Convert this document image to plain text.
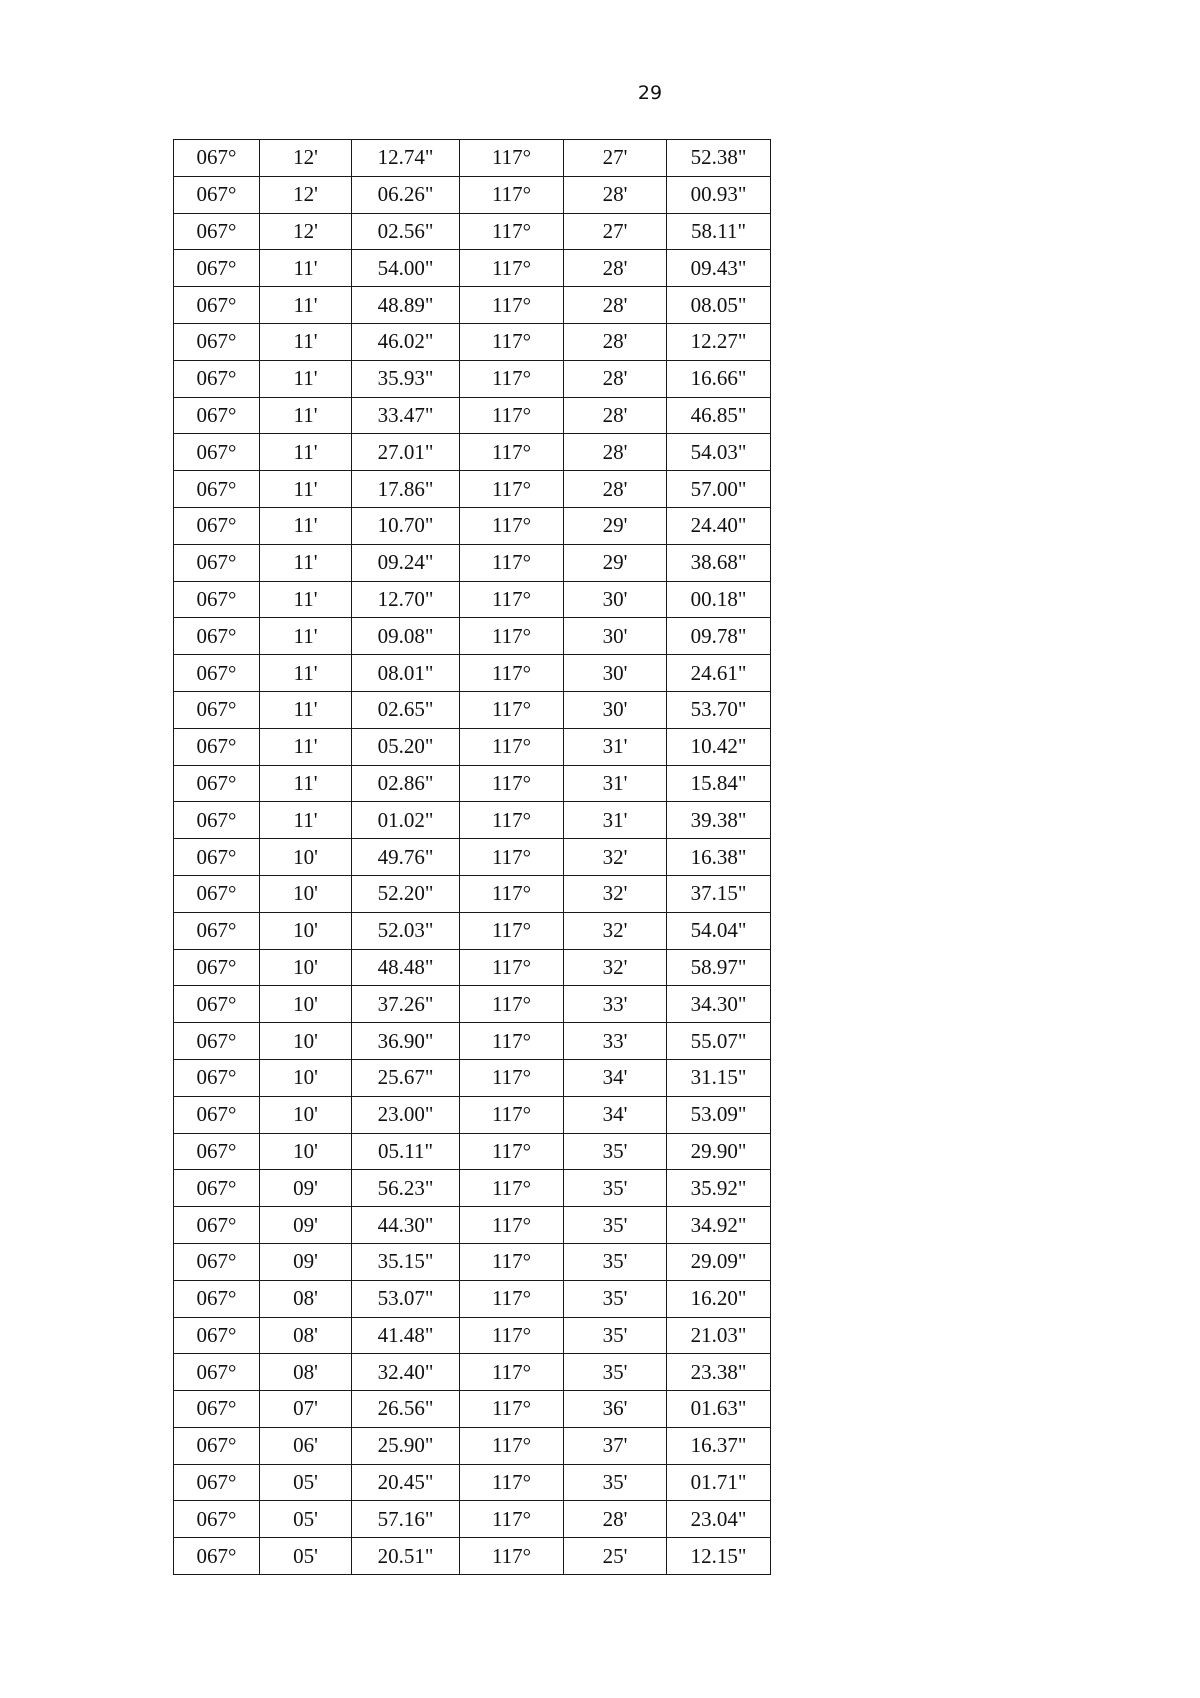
29
067°	12'	12.74"	117°	27'	52.38"
067°	12'	06.26"	117°	28'	00.93"
067°	12'	02.56"	117°	27'	58.11"
067°	11'	54.00"	117°	28'	09.43"
067°	11'	48.89"	117°	28'	08.05"
067°	11'	46.02"	117°	28'	12.27"
067°	11'	35.93"	117°	28'	16.66"
067°	11'	33.47"	117°	28'	46.85"
067°	11'	27.01"	117°	28'	54.03"
067°	11'	17.86"	117°	28'	57.00"
067°	11'	10.70"	117°	29'	24.40"
067°	11'	09.24"	117°	29'	38.68"
067°	11'	12.70"	117°	30'	00.18"
067°	11'	09.08"	117°	30'	09.78"
067°	11'	08.01"	117°	30'	24.61"
067°	11'	02.65"	117°	30'	53.70"
067°	11'	05.20"	117°	31'	10.42"
067°	11'	02.86"	117°	31'	15.84"
067°	11'	01.02"	117°	31'	39.38"
067°	10'	49.76"	117°	32'	16.38"
067°	10'	52.20"	117°	32'	37.15"
067°	10'	52.03"	117°	32'	54.04"
067°	10'	48.48"	117°	32'	58.97"
067°	10'	37.26"	117°	33'	34.30"
067°	10'	36.90"	117°	33'	55.07"
067°	10'	25.67"	117°	34'	31.15"
067°	10'	23.00"	117°	34'	53.09"
067°	10'	05.11"	117°	35'	29.90"
067°	09'	56.23"	117°	35'	35.92"
067°	09'	44.30"	117°	35'	34.92"
067°	09'	35.15"	117°	35'	29.09"
067°	08'	53.07"	117°	35'	16.20"
067°	08'	41.48"	117°	35'	21.03"
067°	08'	32.40"	117°	35'	23.38"
067°	07'	26.56"	117°	36'	01.63"
067°	06'	25.90"	117°	37'	16.37"
067°	05'	20.45"	117°	35'	01.71"
067°	05'	57.16"	117°	28'	23.04"
067°	05'	20.51"	117°	25'	12.15"
